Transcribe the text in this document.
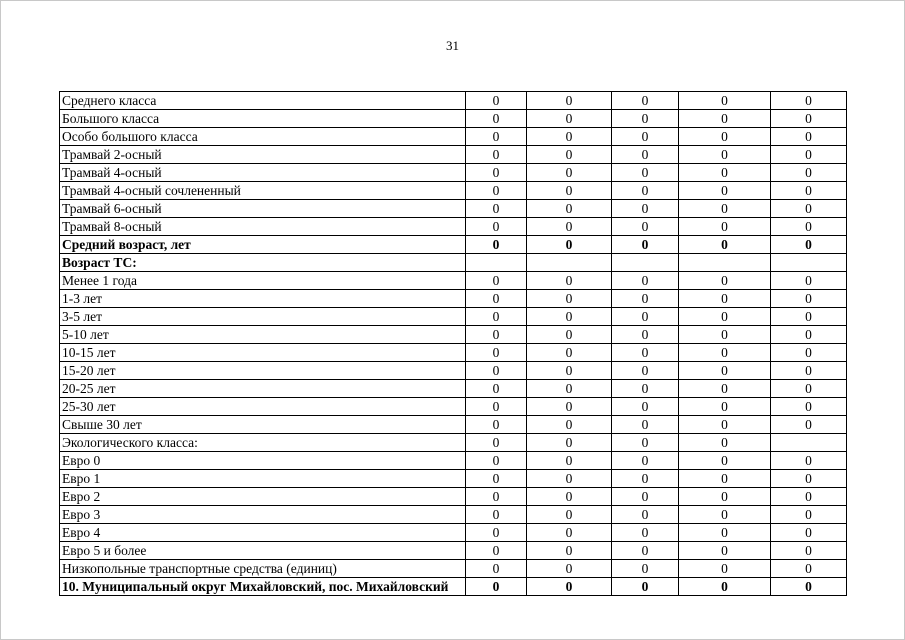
31
Среднего класса	0	0	0	0	0
Большого класса	0	0	0	0	0
Особо большого класса	0	0	0	0	0
Трамвай 2-осный	0	0	0	0	0
Трамвай 4-осный	0	0	0	0	0
Трамвай 4-осный сочлененный	0	0	0	0	0
Трамвай 6-осный	0	0	0	0	0
Трамвай 8-осный	0	0	0	0	0
Средний возраст, лет	0	0	0	0	0
Возраст ТС:					
Менее 1 года	0	0	0	0	0
1-3 лет	0	0	0	0	0
3-5 лет	0	0	0	0	0
5-10 лет	0	0	0	0	0
10-15 лет	0	0	0	0	0
15-20 лет	0	0	0	0	0
20-25 лет	0	0	0	0	0
25-30 лет	0	0	0	0	0
Свыше 30 лет	0	0	0	0	0
Экологического класса:	0	0	0	0	
Евро 0	0	0	0	0	0
Евро 1	0	0	0	0	0
Евро 2	0	0	0	0	0
Евро 3	0	0	0	0	0
Евро 4	0	0	0	0	0
Евро 5 и более	0	0	0	0	0
Низкопольные транспортные средства (единиц)	0	0	0	0	0
10. Муниципальный округ Михайловский, пос. Михайловский	0	0	0	0	0
